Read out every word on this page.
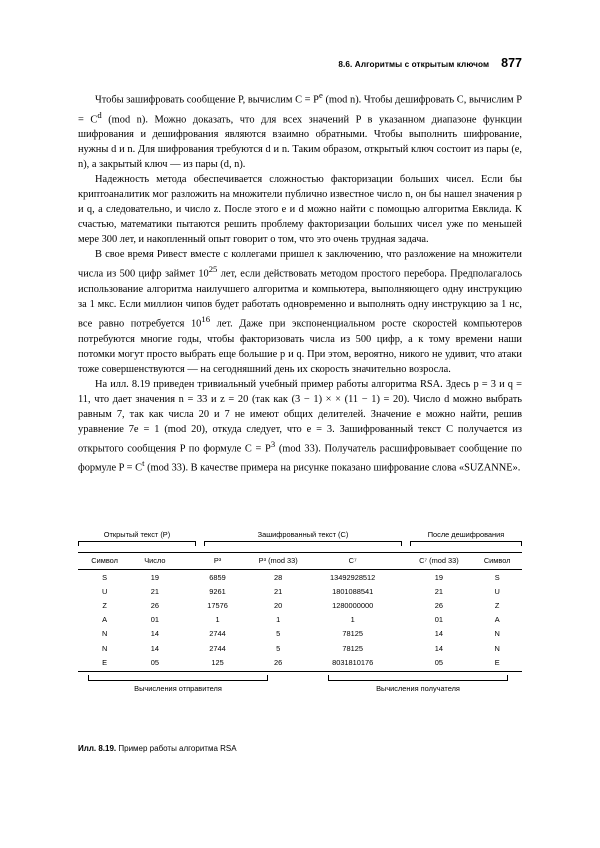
8.6. Алгоритмы с открытым ключом 877

Чтобы зашифровать сообщение P, вычислим $C = P^e$ (mod n). Чтобы дешифровать C, вычислим $P = C^d$ (mod n). Можно доказать, что для всех значений P в указанном диапазоне функции шифрования и дешифрования являются взаимно обратными. Чтобы выполнить шифрование, нужны d и n. Для шифрования требуются d и n. Таким образом, открытый ключ состоит из пары (e, n), а закрытый ключ — из пары (d, n).

Надежность метода обеспечивается сложностью факторизации больших чисел. Если бы криптоаналитик мог разложить на множители публично известное число n, он бы нашел значения p и q, а следовательно, и число z. После этого e и d можно найти с помощью алгоритма Евклида. К счастью, математики пытаются решить проблему факторизации больших чисел уже по меньшей мере 300 лет, и накопленный опыт говорит о том, что это очень трудная задача.

В свое время Ривест вместе с коллегами пришел к заключению, что разложение на множители числа из 500 цифр займет $10^{25}$ лет, если действовать методом простого перебора. Предполагалось использование алгоритма наилучшего алгоритма и компьютера, выполняющего одну инструкцию за 1 мкс. Если миллион чипов будет работать одновременно и выполнять одну инструкцию за 1 нс, все равно потребуется $10^{16}$ лет. Даже при экспоненциальном росте скоростей компьютеров потребуются многие годы, чтобы факторизовать числа из 500 цифр, а к тому времени наши потомки могут просто выбрать еще большие p и q. При этом, вероятно, никого не удивит, что атаки тоже совершенствуются — на сегодняшний день их скорость значительно возросла.

На илл. 8.19 приведен тривиальный учебный пример работы алгоритма RSA. Здесь p = 3 и q = 11, что дает значения n = 33 и z = 20 (так как (3 − 1) × × (11 − 1) = 20). Число d можно выбрать равным 7, так как числа 20 и 7 не имеют общих делителей. Значение e можно найти, решив уравнение 7e = 1 (mod 20), откуда следует, что e = 3. Зашифрованный текст C получается из открытого сообщения P по формуле $C = P^3$ (mod 33). Получатель расшифровывает сообщение по формуле $P = C^t$ (mod 33). В качестве примера на рисунке показано шифрование слова «SUZANNE».

Открытый текст (P)	Зашифрованный текст (C)	После дешифрования
Символ	Число		P³	P³ (mod 33)	C⁷		C⁷ (mod 33)	Символ
S	19		6859	28	13492928512		19	S
U	21		9261	21	1801088541		21	U
Z	26		17576	20	1280000000		26	Z
A	01		1	1	1		01	A
N	14		2744	5	78125		14	N
N	14		2744	5	78125		14	N
E	05		125	26	8031810176		05	E
Вычисления отправителя	Вычисления получателя
Илл. 8.19. Пример работы алгоритма RSA
